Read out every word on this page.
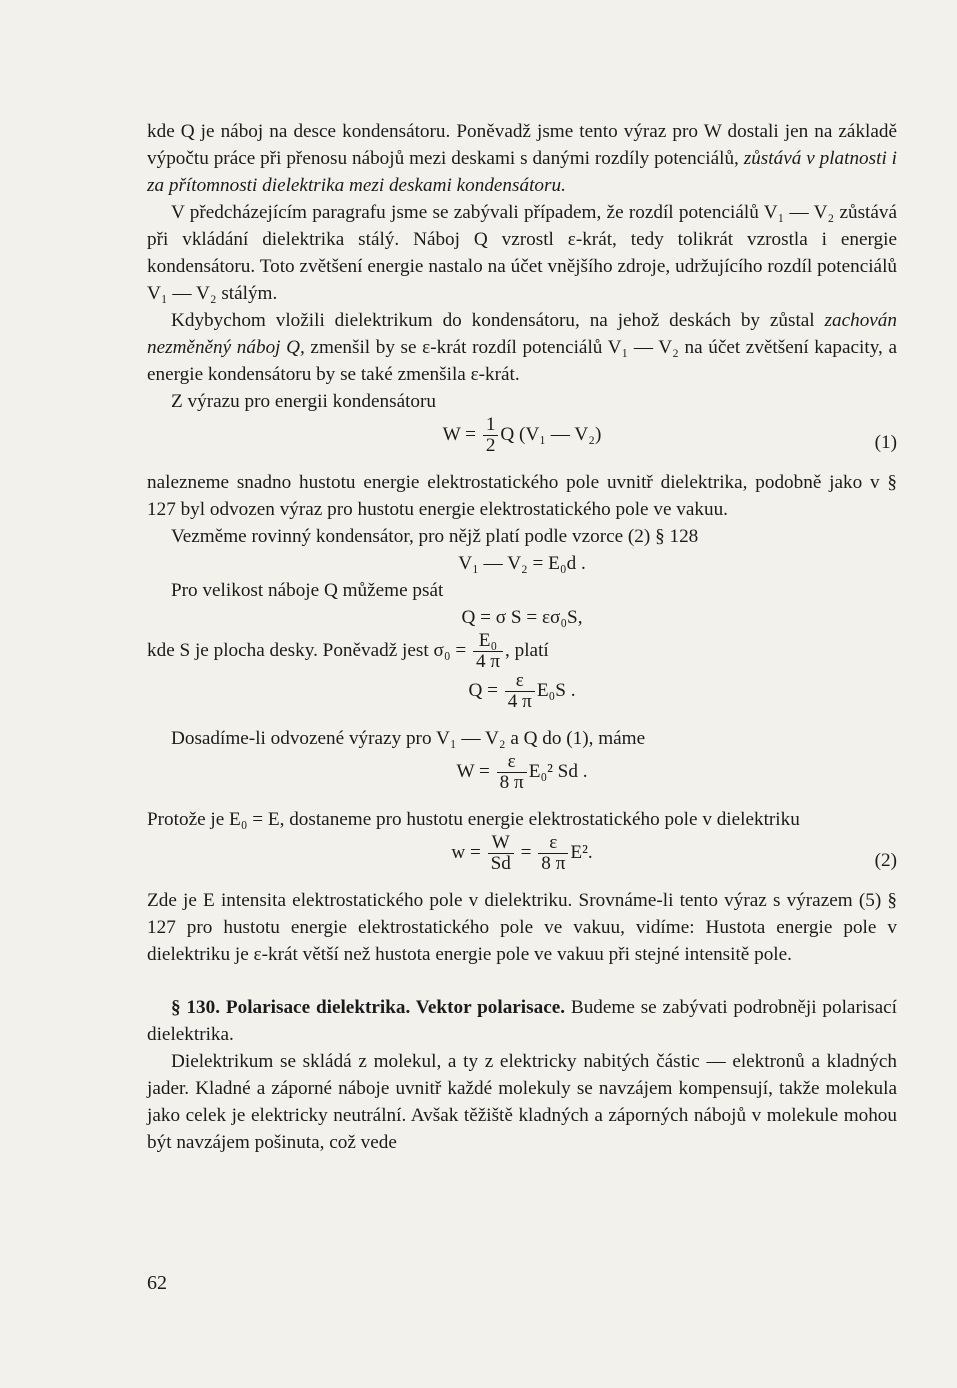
kde Q je náboj na desce kondensátoru. Poněvadž jsme tento výraz pro W dostali jen na základě výpočtu práce při přenosu nábojů mezi deskami s danými rozdíly potenciálů, zůstává v platnosti i za přítomnosti dielektrika mezi deskami kondensátoru.

V předcházejícím paragrafu jsme se zabývali případem, že rozdíl potenciálů V₁ — V₂ zůstává při vkládání dielektrika stálý. Náboj Q vzrostl ε-krát, tedy tolikrát vzrostla i energie kondensátoru. Toto zvětšení energie nastalo na účet vnějšího zdroje, udržujícího rozdíl potenciálů V₁ — V₂ stálým.

Kdybychom vložili dielektrikum do kondensátoru, na jehož deskách by zůstal zachován nezměněný náboj Q, zmenšil by se ε-krát rozdíl potenciálů V₁ — V₂ na účet zvětšení kapacity, a energie kondensátoru by se také zmenšila ε-krát.

Z výrazu pro energii kondensátoru

$W = \frac{1}{2}$ Q (V₁ — V₂)	(1)

nalezneme snadno hustotu energie elektrostatického pole uvnitř dielektrika, podobně jako v § 127 byl odvozen výraz pro hustotu energie elektrostatického pole ve vakuu.

Vezměme rovinný kondensátor, pro nějž platí podle vzorce (2) § 128

V₁ — V₂ = E₀d .

Pro velikost náboje Q můžeme psát

Q = σ S = εσ₀S,

kde S je plocha desky. Poněvadž jest $\sigma_0 = \frac{\text{E₀}}{4 \pi}$ , platí

$Q = \frac{\varepsilon}{4 \pi} E_0S$ .

Dosadíme-li odvozené výrazy pro V₁ — V₂ a Q do (1), máme

$W = \frac{\varepsilon}{8 \pi} E_0^2$ Sd .

Protože je E₀ = E, dostaneme pro hustotu energie elektrostatického pole v dielektriku

$w = \frac{W}{Sd} = \frac{\varepsilon}{8 \pi} E^2$.	(2)

Zde je E intensita elektrostatického pole v dielektriku. Srovnáme-li tento výraz s výrazem (5) § 127 pro hustotu energie elektrostatického pole ve vakuu, vidíme: Hustota energie pole v dielektriku je ε-krát větší než hustota energie pole ve vakuu při stejné intensitě pole.

§ 130. Polarisace dielektrika. Vektor polarisace. Budeme se zabývati podrobněji polarisací dielektrika.

Dielektrikum se skládá z molekul, a ty z elektricky nabitých částic — elektronů a kladných jader. Kladné a záporné náboje uvnitř každé molekuly se navzájem kompensují, takže molekula jako celek je elektricky neutrální. Avšak těžiště kladných a záporných nábojů v molekule mohou být navzájem pošinuta, což vede

62
